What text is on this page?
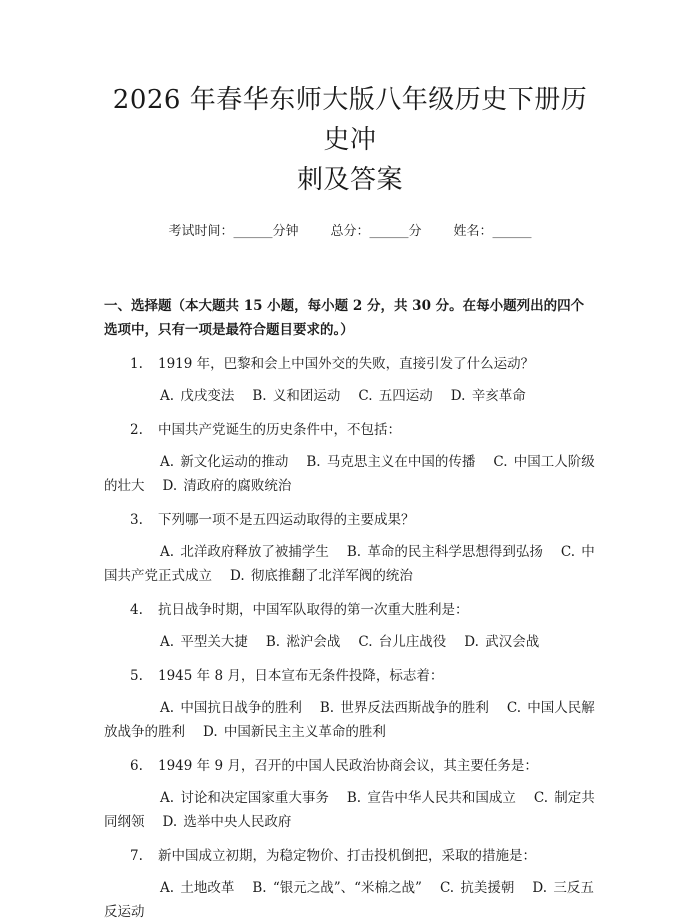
2026 年春华东师大版八年级历史下册历史冲
刺及答案
考试时间：______分钟 总分：______分 姓名：______
一、选择题（本大题共 15 小题，每小题 2 分，共 30 分。在每小题列出的四个选项中，只有一项是最符合题目要求的。）
1. 1919 年，巴黎和会上中国外交的失败，直接引发了什么运动？
A. 戊戌变法 B. 义和团运动 C. 五四运动 D. 辛亥革命
2. 中国共产党诞生的历史条件中，不包括：
A. 新文化运动的推动 B. 马克思主义在中国的传播 C. 中国工人阶级的壮大 D. 清政府的腐败统治
3. 下列哪一项不是五四运动取得的主要成果？
A. 北洋政府释放了被捕学生 B. 革命的民主科学思想得到弘扬 C. 中国共产党正式成立 D. 彻底推翻了北洋军阀的统治
4. 抗日战争时期，中国军队取得的第一次重大胜利是：
A. 平型关大捷 B. 淞沪会战 C. 台儿庄战役 D. 武汉会战
5. 1945 年 8 月，日本宣布无条件投降，标志着：
A. 中国抗日战争的胜利 B. 世界反法西斯战争的胜利 C. 中国人民解放战争的胜利 D. 中国新民主主义革命的胜利
6. 1949 年 9 月，召开的中国人民政治协商会议，其主要任务是：
A. 讨论和决定国家重大事务 B. 宣告中华人民共和国成立 C. 制定共同纲领 D. 选举中央人民政府
7. 新中国成立初期，为稳定物价、打击投机倒把，采取的措施是：
A. 土地改革 B. “银元之战”、“米棉之战” C. 抗美援朝 D. 三反五反运动
